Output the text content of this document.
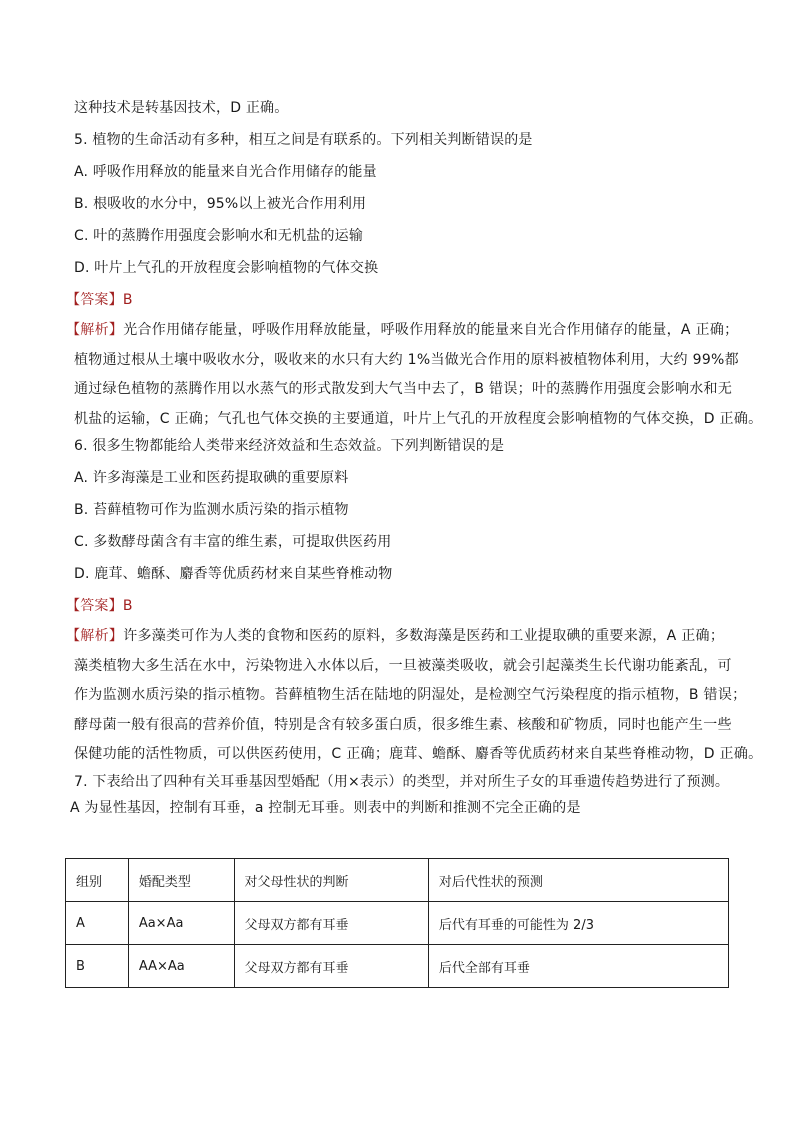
这种技术是转基因技术，D 正确。
5. 植物的生命活动有多种，相互之间是有联系的。下列相关判断错误的是
A. 呼吸作用释放的能量来自光合作用储存的能量
B. 根吸收的水分中，95%以上被光合作用利用
C. 叶的蒸腾作用强度会影响水和无机盐的运输
D. 叶片上气孔的开放程度会影响植物的气体交换
【答案】B

【解析】光合作用储存能量，呼吸作用释放能量，呼吸作用释放的能量来自光合作用储存的能量，A 正确；

植物通过根从土壤中吸收水分，吸收来的水只有大约 1%当做光合作用的原料被植物体利用，大约 99%都

通过绿色植物的蒸腾作用以水蒸气的形式散发到大气当中去了，B 错误；叶的蒸腾作用强度会影响水和无

机盐的运输，C 正确；气孔也气体交换的主要通道，叶片上气孔的开放程度会影响植物的气体交换，D 正确。

6. 很多生物都能给人类带来经济效益和生态效益。下列判断错误的是
A. 许多海藻是工业和医药提取碘的重要原料
B. 苔藓植物可作为监测水质污染的指示植物
C. 多数酵母菌含有丰富的维生素，可提取供医药用
D. 鹿茸、蟾酥、麝香等优质药材来自某些脊椎动物
【答案】B

【解析】许多藻类可作为人类的食物和医药的原料，多数海藻是医药和工业提取碘的重要来源，A 正确；

藻类植物大多生活在水中，污染物进入水体以后，一旦被藻类吸收，就会引起藻类生长代谢功能紊乱，可

作为监测水质污染的指示植物。苔藓植物生活在陆地的阴湿处，是检测空气污染程度的指示植物，B 错误；

酵母菌一般有很高的营养价值，特别是含有较多蛋白质，很多维生素、核酸和矿物质，同时也能产生一些

保健功能的活性物质，可以供医药使用，C 正确；鹿茸、蟾酥、麝香等优质药材来自某些脊椎动物，D 正确。

7. 下表给出了四种有关耳垂基因型婚配（用×表示）的类型，并对所生子女的耳垂遗传趋势进行了预测。
A 为显性基因，控制有耳垂，a 控制无耳垂。则表中的判断和推测不完全正确的是
组别	婚配类型	对父母性状的判断	对后代性状的预测
A	Aa×Aa	父母双方都有耳垂	后代有耳垂的可能性为 2/3
B	AA×Aa	父母双方都有耳垂	后代全部有耳垂
